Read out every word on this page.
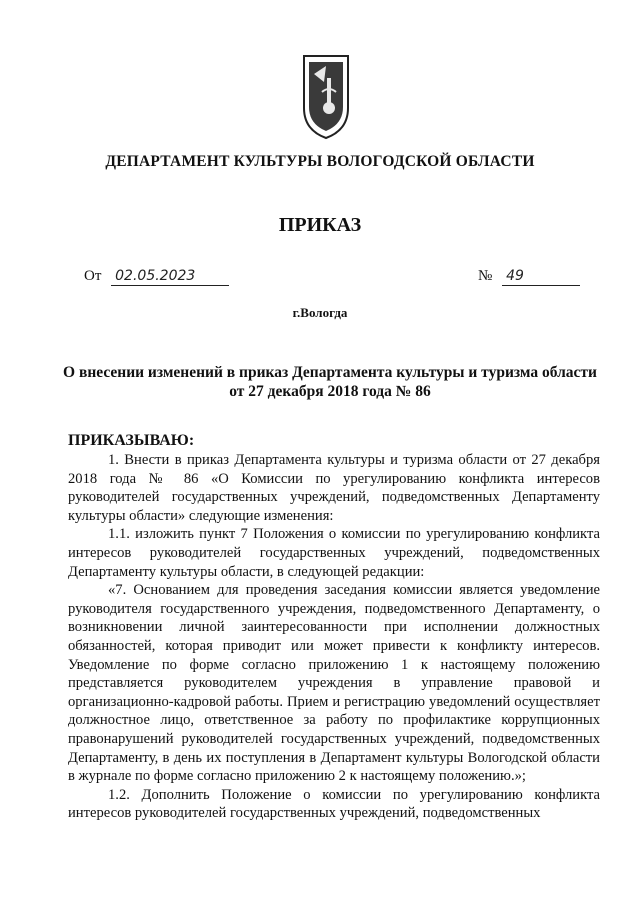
ДЕПАРТАМЕНТ КУЛЬТУРЫ ВОЛОГОДСКОЙ ОБЛАСТИ
ПРИКАЗ
От 02.05.2023	№ 49
г.Вологда
О внесении изменений в приказ Департамента культуры и туризма области от 27 декабря 2018 года № 86
ПРИКАЗЫВАЮ:

1. Внести в приказ Департамента культуры и туризма области от 27 декабря 2018 года № 86 «О Комиссии по урегулированию конфликта интересов руководителей государственных учреждений, подведомственных Департаменту культуры области» следующие изменения:

1.1. изложить пункт 7 Положения о комиссии по урегулированию конфликта интересов руководителей государственных учреждений, подведомственных Департаменту культуры области, в следующей редакции:

«7. Основанием для проведения заседания комиссии является уведомление руководителя государственного учреждения, подведомственного Департаменту, о возникновении личной заинтересованности при исполнении должностных обязанностей, которая приводит или может привести к конфликту интересов. Уведомление по форме согласно приложению 1 к настоящему положению представляется руководителем учреждения в управление правовой и организационно-кадровой работы. Прием и регистрацию уведомлений осуществляет должностное лицо, ответственное за работу по профилактике коррупционных правонарушений руководителей государственных учреждений, подведомственных Департаменту, в день их поступления в Департамент культуры Вологодской области в журнале по форме согласно приложению 2 к настоящему положению.»;

1.2. Дополнить Положение о комиссии по урегулированию конфликта интересов руководителей государственных учреждений, подведомственных
